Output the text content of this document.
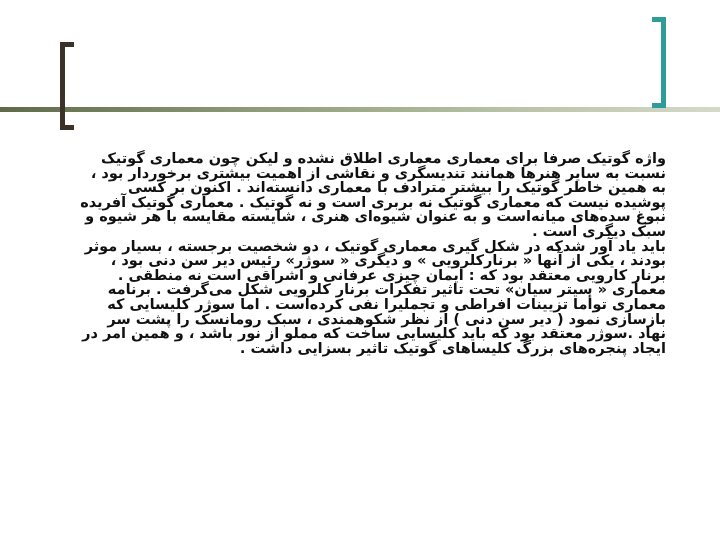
واژه گوتیک صرفا برای معماری معماری اطلاق نشده و لیکن چون معماری گوتیک نسبت به سایر هنرها همانند تندیسگری و نقاشی از اهمیت بیشتری برخوردار بود ، به همین خاطر گوتیک را بیشتر مترادف با معماری دانسته‌اند . اکنون بر کسی پوشیده نیست که معماری گوتیک نه بربری است و نه گوتیک . معماری گوتیک آفریده نبوغ سده‌های میانه‌است و به عنوان شیوه‌ای هنری ، شایسته مقایسه با هر شیوه و سبک دیگری است .

باید یاد آور شدکه در شکل گیری معماری گوتیک ، دو شخصیت برجسته ، بسیار موثر بودند ، یکی از آنها « برنارکلرویی » و دیگری « سوژر» رئیس دیر سن دنی بود ، برنار کارویی معتقد بود که : ایمان چیزی عرفانی و اشراقی است نه منطقی .

معماری « سیتر سیان» تحت تاثیر تفکرات برنار کلرویی شکل می‌گرفت . برنامه معماری توأما تزیینات افراطی و تجملیرا نفی کرده‌است . اما سوژر کلیسایی که بازسازی نمود ( دیر سن دنی ) از نظر شکوهمندی ، سبک رومانسک را پشت سر نهاد .سوژر معتقد بود که باید کلیسایی ساخت که مملو از نور باشد ، و همین امر در ایجاد پنجره‌های بزرگ کلیساهای گوتیک تاثیر بسزایی داشت .
